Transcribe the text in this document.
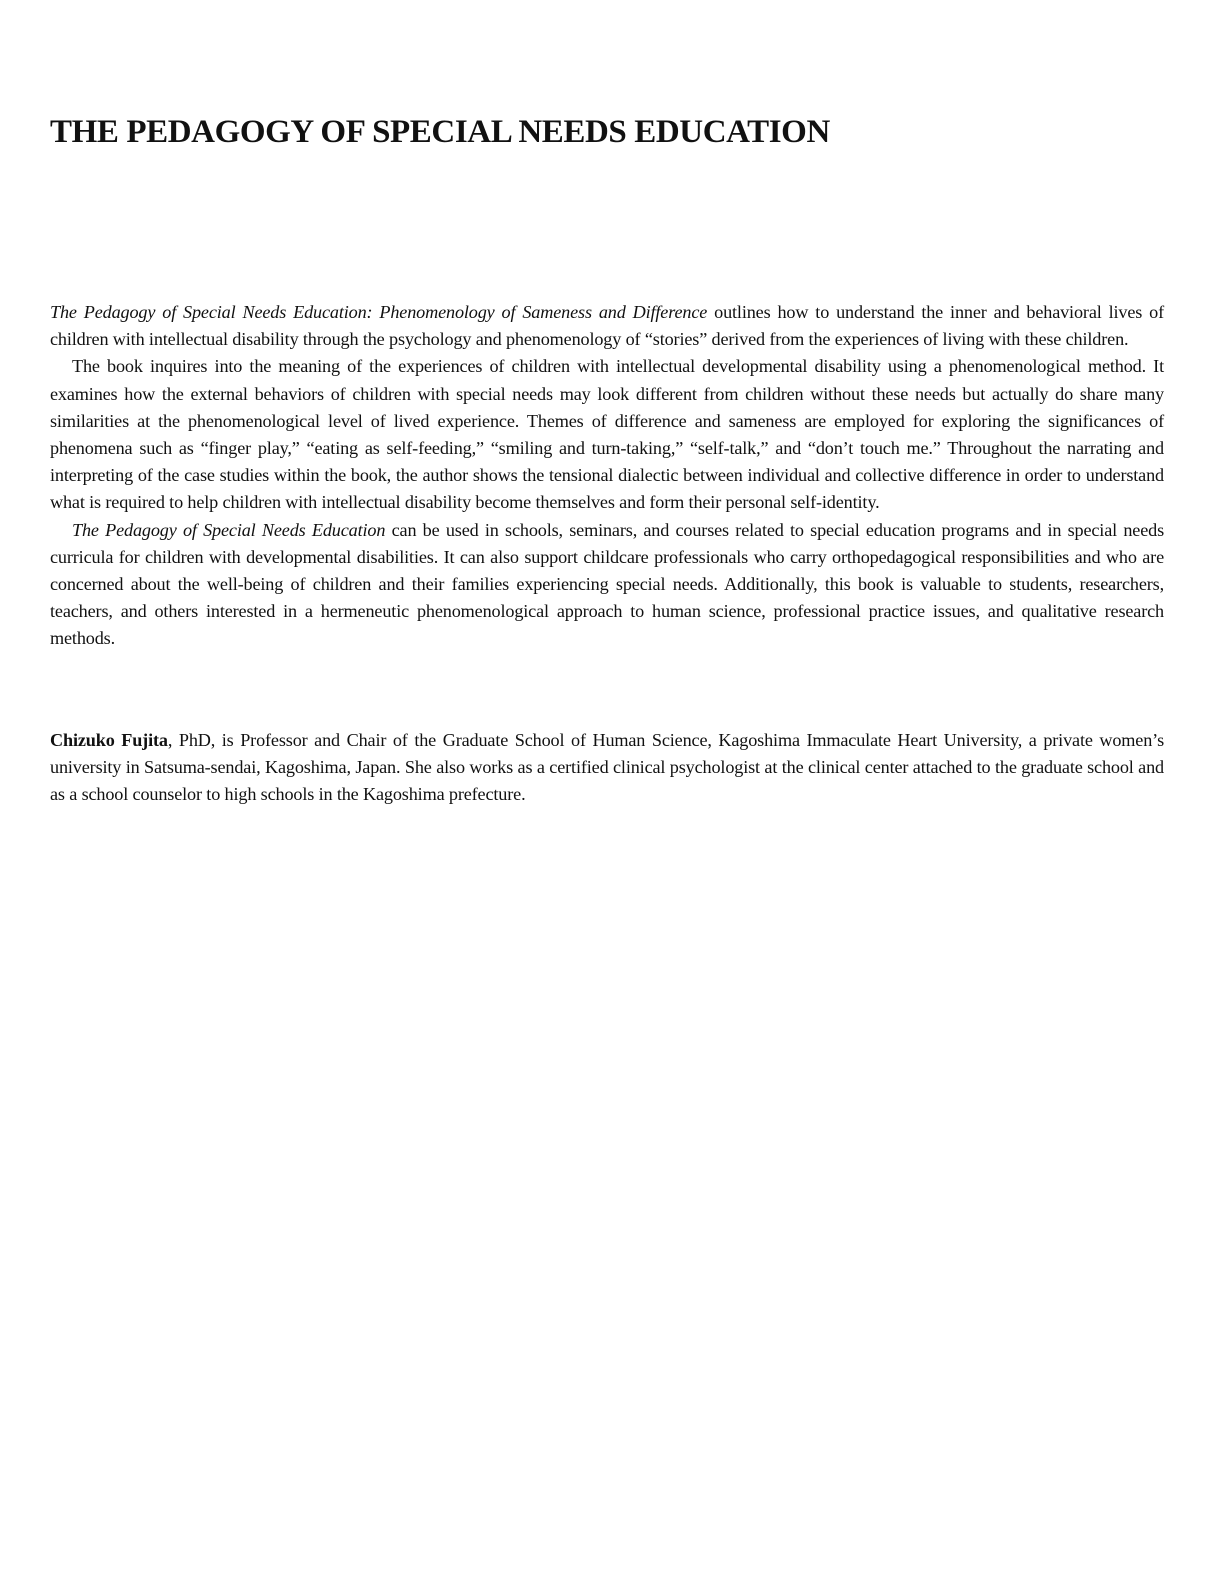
THE PEDAGOGY OF SPECIAL NEEDS EDUCATION

The Pedagogy of Special Needs Education: Phenomenology of Sameness and Difference outlines how to understand the inner and behavioral lives of children with intellectual disability through the psychology and phenomenology of “stories” derived from the experiences of living with these children.

The book inquires into the meaning of the experiences of children with intellectual developmental disability using a phenomenological method. It examines how the external behaviors of children with special needs may look different from children without these needs but actually do share many similarities at the phenomenological level of lived experience. Themes of difference and sameness are employed for exploring the significances of phenomena such as “finger play,” “eating as self-feeding,” “smiling and turn-taking,” “self-talk,” and “don’t touch me.” Throughout the narrating and interpreting of the case studies within the book, the author shows the tensional dialectic between individual and collective difference in order to understand what is required to help children with intellectual disability become themselves and form their personal self-identity.

The Pedagogy of Special Needs Education can be used in schools, seminars, and courses related to special education programs and in special needs curricula for children with developmental disabilities. It can also support childcare professionals who carry orthopedagogical responsibilities and who are concerned about the well-being of children and their families experiencing special needs. Additionally, this book is valuable to students, researchers, teachers, and others interested in a hermeneutic phenomenological approach to human science, professional practice issues, and qualitative research methods.

Chizuko Fujita, PhD, is Professor and Chair of the Graduate School of Human Science, Kagoshima Immaculate Heart University, a private women’s university in Satsuma-sendai, Kagoshima, Japan. She also works as a certified clinical psychologist at the clinical center attached to the graduate school and as a school counselor to high schools in the Kagoshima prefecture.
